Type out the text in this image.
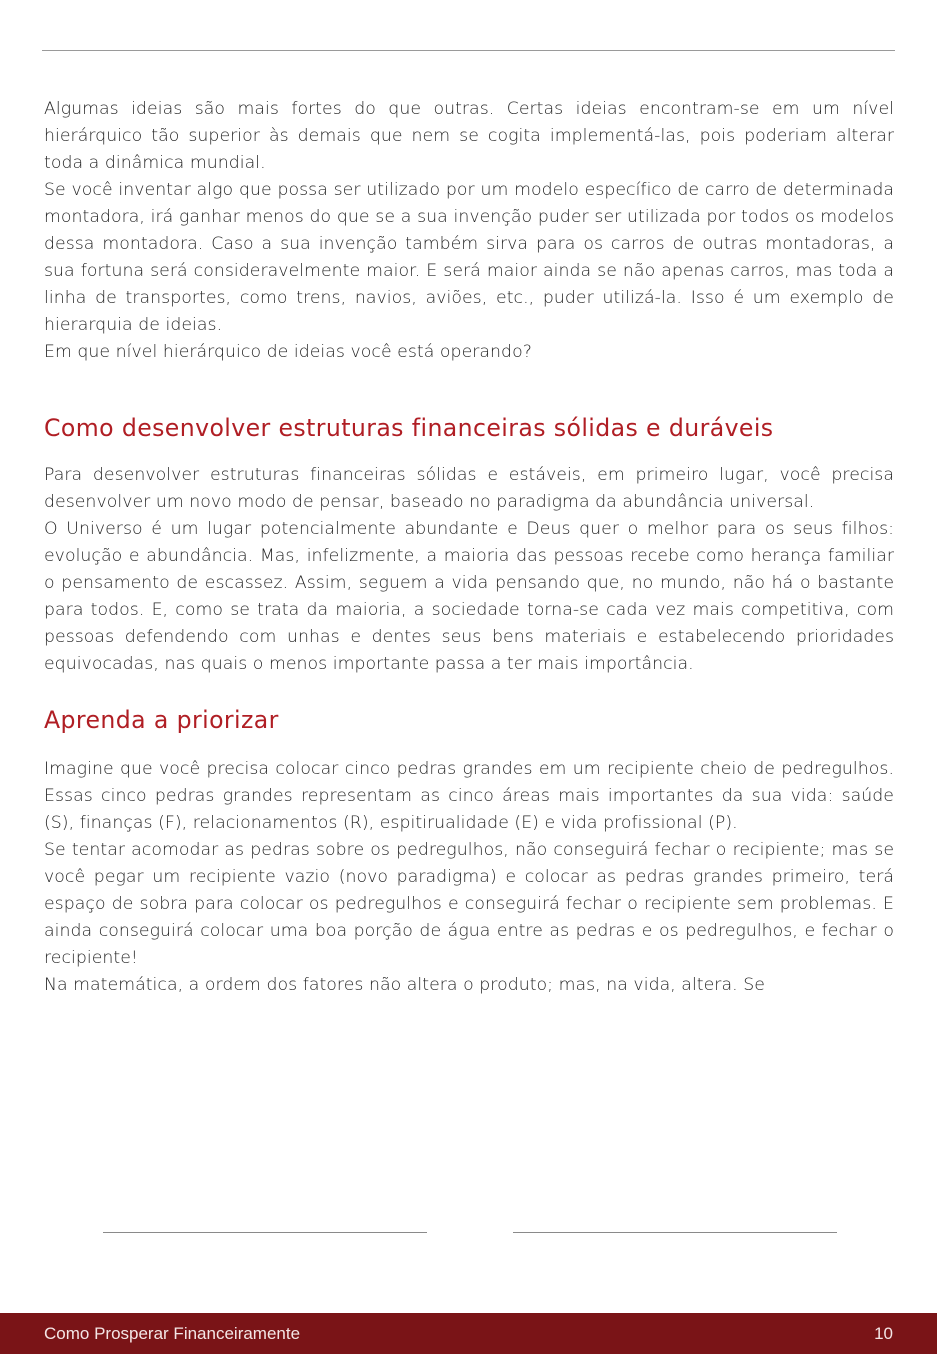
Algumas ideias são mais fortes do que outras. Certas ideias encontram-se em um nível hierárquico tão superior às demais que nem se cogita implementá-las, pois poderiam alterar toda a dinâmica mundial.

Se você inventar algo que possa ser utilizado por um modelo específico de carro de determinada montadora, irá ganhar menos do que se a sua invenção puder ser utilizada por todos os modelos dessa montadora. Caso a sua invenção também sirva para os carros de outras montadoras, a sua fortuna será consideravelmente maior. E será maior ainda se não apenas carros, mas toda a linha de transportes, como trens, navios, aviões, etc., puder utilizá-la. Isso é um exemplo de hierarquia de ideias.

Em que nível hierárquico de ideias você está operando?

Como desenvolver estruturas financeiras sólidas e duráveis

Para desenvolver estruturas financeiras sólidas e estáveis, em primeiro lugar, você precisa desenvolver um novo modo de pensar, baseado no paradigma da abundância universal.

O Universo é um lugar potencialmente abundante e Deus quer o melhor para os seus filhos: evolução e abundância. Mas, infelizmente, a maioria das pessoas recebe como herança familiar o pensamento de escassez. Assim, seguem a vida pensando que, no mundo, não há o bastante para todos. E, como se trata da maioria, a sociedade torna-se cada vez mais competitiva, com pessoas defendendo com unhas e dentes seus bens materiais e estabelecendo prioridades equivocadas, nas quais o menos importante passa a ter mais importância.

Aprenda a priorizar

Imagine que você precisa colocar cinco pedras grandes em um recipiente cheio de pedregulhos. Essas cinco pedras grandes representam as cinco áreas mais importantes da sua vida: saúde (S), finanças (F), relacionamentos (R), espitirualidade (E) e vida profissional (P).

Se tentar acomodar as pedras sobre os pedregulhos, não conseguirá fechar o recipiente; mas se você pegar um recipiente vazio (novo paradigma) e colocar as pedras grandes primeiro, terá espaço de sobra para colocar os pedregulhos e conseguirá fechar o recipiente sem problemas. E ainda conseguirá colocar uma boa porção de água entre as pedras e os pedregulhos, e fechar o recipiente!

Na matemática, a ordem dos fatores não altera o produto; mas, na vida, altera. Se

Como Prosperar Financeiramente	10
